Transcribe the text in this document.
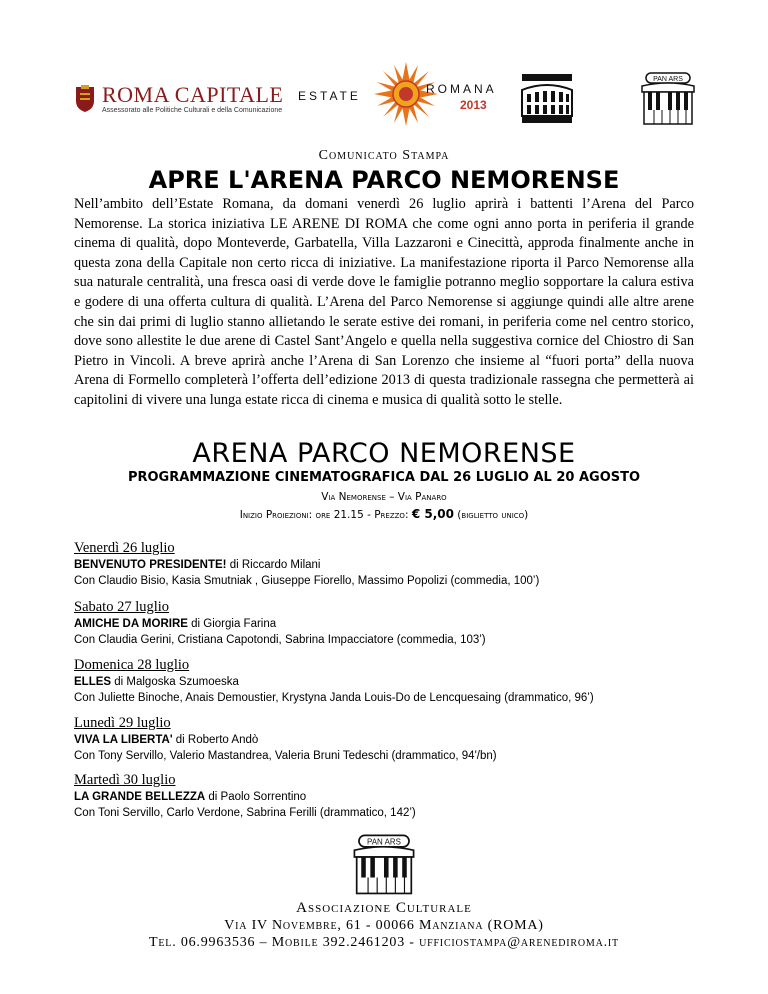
ROMA CAPITALE
Assessorato alle Politiche Culturali e della Comunicazione
ESTATE	ROMANA
2013
PAN ARS
Comunicato Stampa
APRE L'ARENA PARCO NEMORENSE
Nell’ambito dell’Estate Romana, da domani venerdì 26 luglio aprirà i battenti l’Arena del Parco Nemorense. La storica iniziativa LE ARENE DI ROMA che come ogni anno porta in periferia il grande cinema di qualità, dopo Monteverde, Garbatella, Villa Lazzaroni e Cinecittà, approda finalmente anche in questa zona della Capitale non certo ricca di iniziative. La manifestazione riporta il Parco Nemorense alla sua naturale centralità, una fresca oasi di verde dove le famiglie potranno meglio sopportare la calura estiva e godere di una offerta cultura di qualità. L’Arena del Parco Nemorense si aggiunge quindi alle altre arene che sin dai primi di luglio stanno allietando le serate estive dei romani, in periferia come nel centro storico, dove sono allestite le due arene di Castel Sant’Angelo e quella nella suggestiva cornice del Chiostro di San Pietro in Vincoli. A breve aprirà anche l’Arena di San Lorenzo che insieme al “fuori porta” della nuova Arena di Formello completerà l’offerta dell’edizione 2013 di questa tradizionale rassegna che permetterà ai capitolini di vivere una lunga estate ricca di cinema e musica di qualità sotto le stelle.
ARENA PARCO NEMORENSE
PROGRAMMAZIONE CINEMATOGRAFICA DAL 26 LUGLIO AL 20 AGOSTO
Via Nemorense – Via Panaro
Inizio Proiezioni: ore 21.15 - Prezzo: € 5,00 (biglietto unico)
Venerdì 26 luglio
BENVENUTO PRESIDENTE! di Riccardo Milani
Con Claudio Bisio, Kasia Smutniak , Giuseppe Fiorello, Massimo Popolizi (commedia, 100’)
Sabato 27 luglio
AMICHE DA MORIRE di Giorgia Farina
Con Claudia Gerini, Cristiana Capotondi, Sabrina Impacciatore (commedia, 103’)
Domenica 28 luglio
ELLES di Malgoska Szumoeska
Con Juliette Binoche, Anais Demoustier, Krystyna Janda Louis-Do de Lencquesaing (drammatico, 96’)
Lunedì 29 luglio
VIVA LA LIBERTA' di Roberto Andò
Con Tony Servillo, Valerio Mastandrea, Valeria Bruni Tedeschi (drammatico, 94'/bn)
Martedì 30 luglio
LA GRANDE BELLEZZA di Paolo Sorrentino
Con Toni Servillo, Carlo Verdone, Sabrina Ferilli (drammatico, 142’)
PAN ARS
Associazione Culturale
Via IV Novembre, 61 - 00066 Manziana (ROMA)
Tel. 06.9963536 – Mobile 392.2461203 - ufficiostampa@arenediroma.it
